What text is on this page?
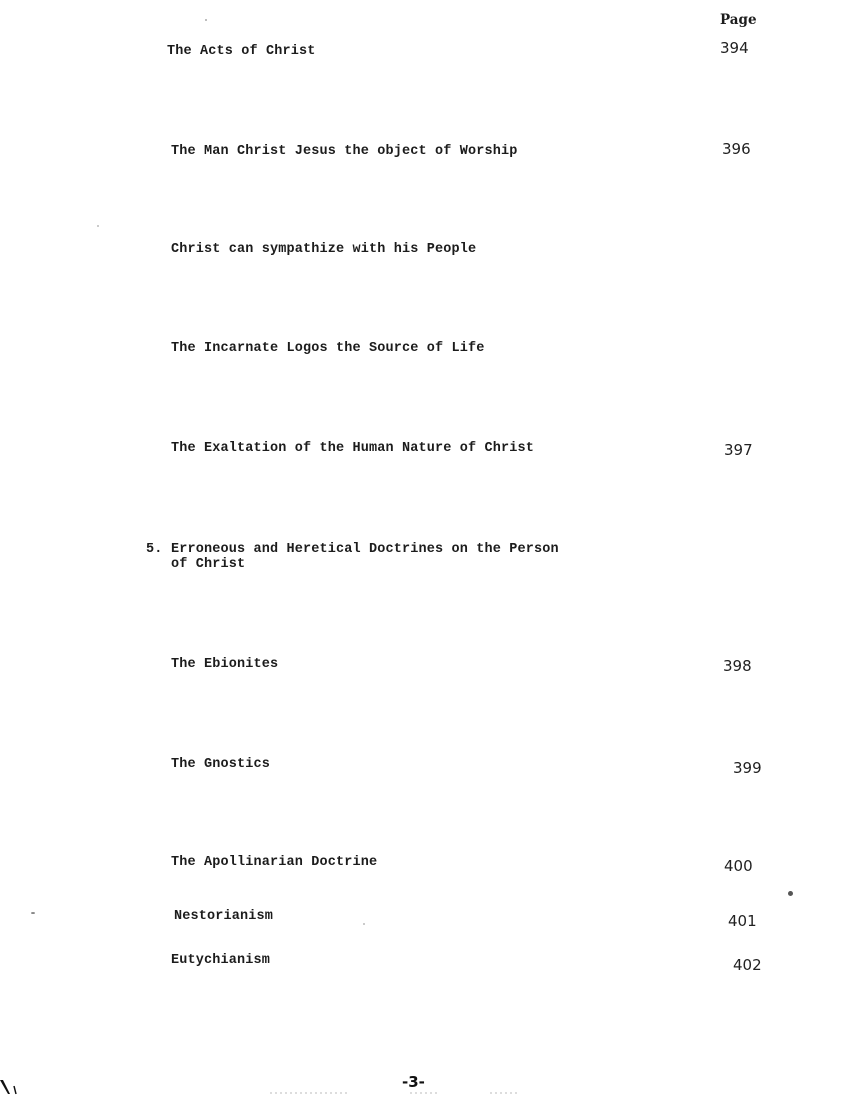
Page
The Acts of Christ	394
The Man Christ Jesus the object of Worship	396
Christ can sympathize with his People
The Incarnate Logos the Source of Life
The Exaltation of the Human Nature of Christ	397
5. Erroneous and Heretical Doctrines on the Person
of Christ
The Ebionites	398
The Gnostics	399
The Apollinarian Doctrine	400
Nestorianism	401
Eutychianism	402
-3-
